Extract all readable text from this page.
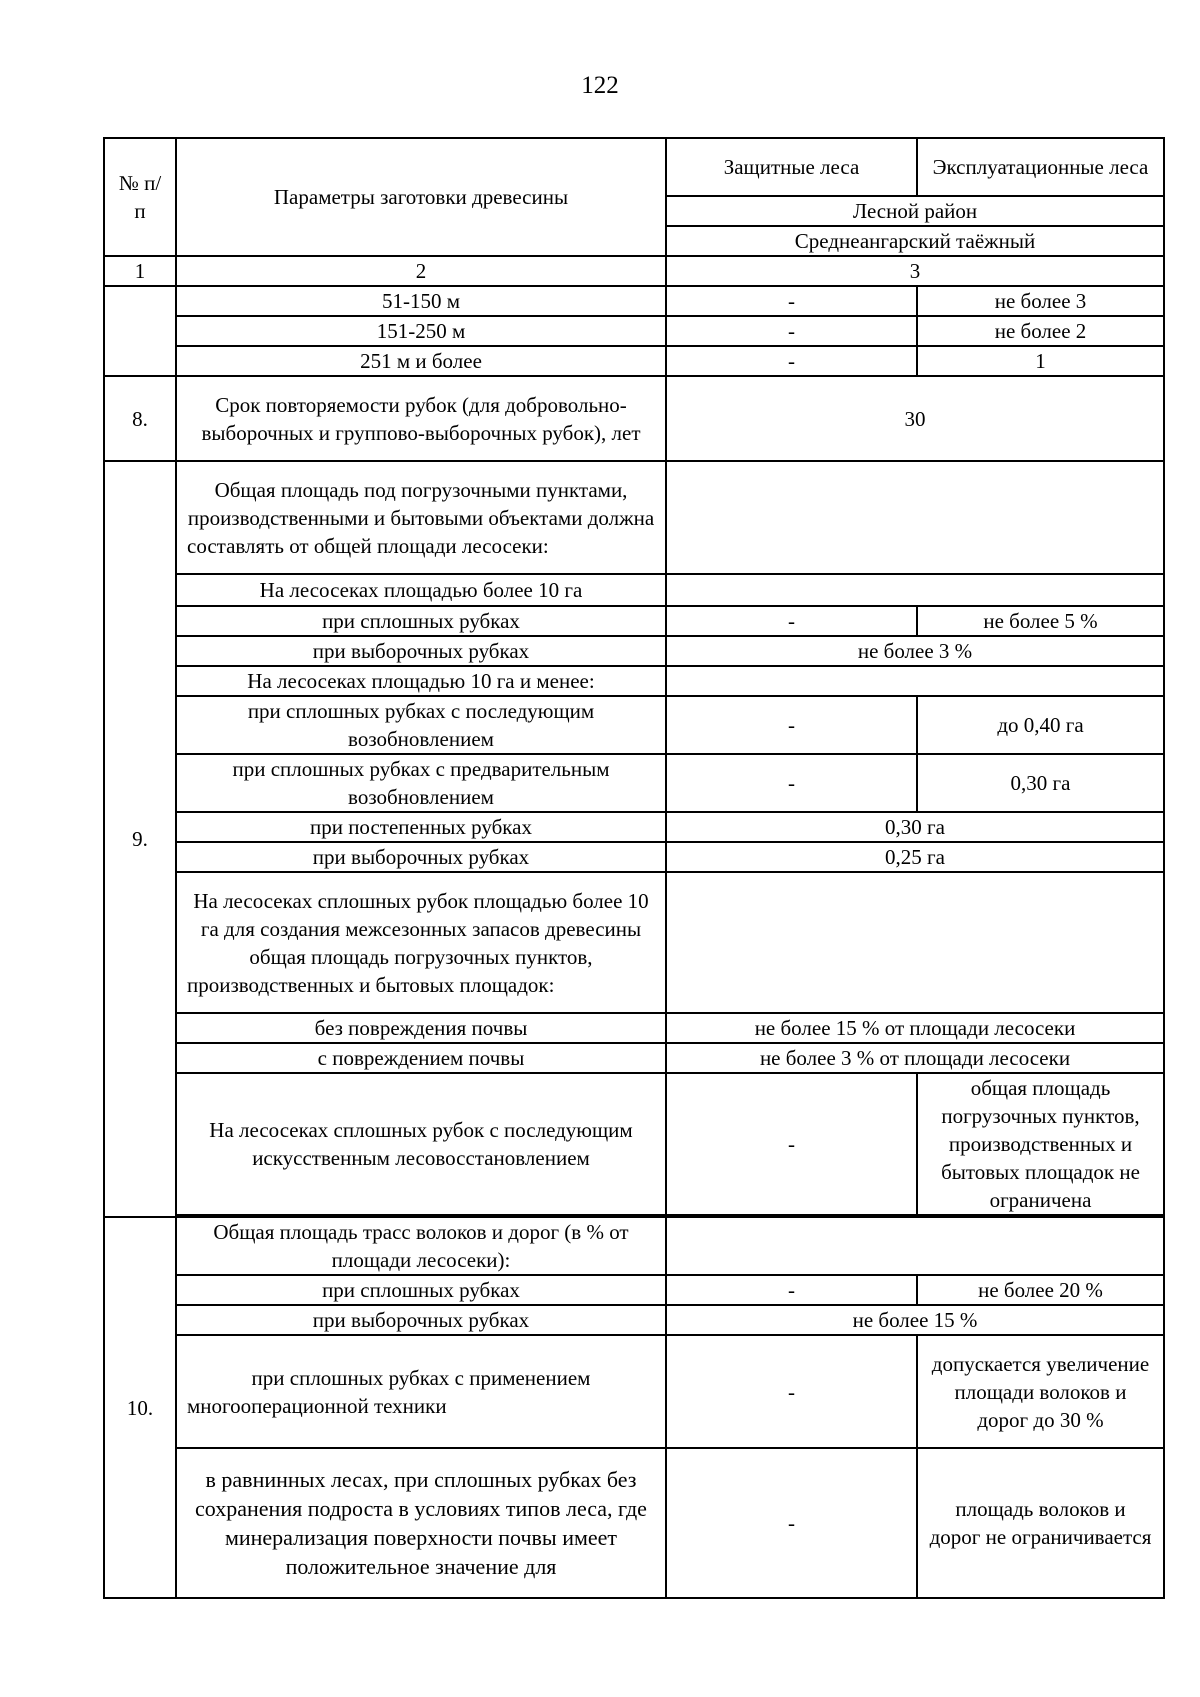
122
№ п/п	Параметры заготовки древесины	Защитные леса	Эксплуатационные леса
		Лесной район	
		Среднеангарский таёжный	
1	2	3	
	51-150 м	-	не более 3
	151-250 м	-	не более 2
	251 м и более	-	1
8.	Срок повторяемости рубок (для добровольно-выборочных и группово-выборочных рубок), лет	30	
9.	Общая площадь под погрузочными пунктами, производственными и бытовыми объектами должна составлять от общей площади лесосеки:		
	На лесосеках площадью более 10 га		
	при сплошных рубках	-	не более 5 %
	при выборочных рубках	не более 3 %	
	На лесосеках площадью 10 га и менее:		
	при сплошных рубках с последующим возобновлением	-	до 0,40 га
	при сплошных рубках с предварительным возобновлением	-	0,30 га
	при постепенных рубках	0,30 га	
	при выборочных рубках	0,25 га	
	На лесосеках сплошных рубок площадью более 10 га для создания межсезонных запасов древесины общая площадь погрузочных пунктов, производственных и бытовых площадок:		
	без повреждения почвы	не более 15 % от площади лесосеки	
	с повреждением почвы	не более 3 % от площади лесосеки	
	На лесосеках сплошных рубок с последующим искусственным лесовосстановлением	-	общая площадь погрузочных пунктов, производственных и бытовых площадок не ограничена

10.	Общая площадь трасс волоков и дорог (в % от площади лесосеки):		
	при сплошных рубках	-	не более 20 %
	при выборочных рубках	не более 15 %	
	при сплошных рубках с применением многооперационной техники	-	допускается увеличение площади волоков и дорог до 30 %
	в равнинных лесах, при сплошных рубках без сохранения подроста в условиях типов леса, где минерализация поверхности почвы имеет положительное значение для	-	площадь волоков и дорог не ограничивается
